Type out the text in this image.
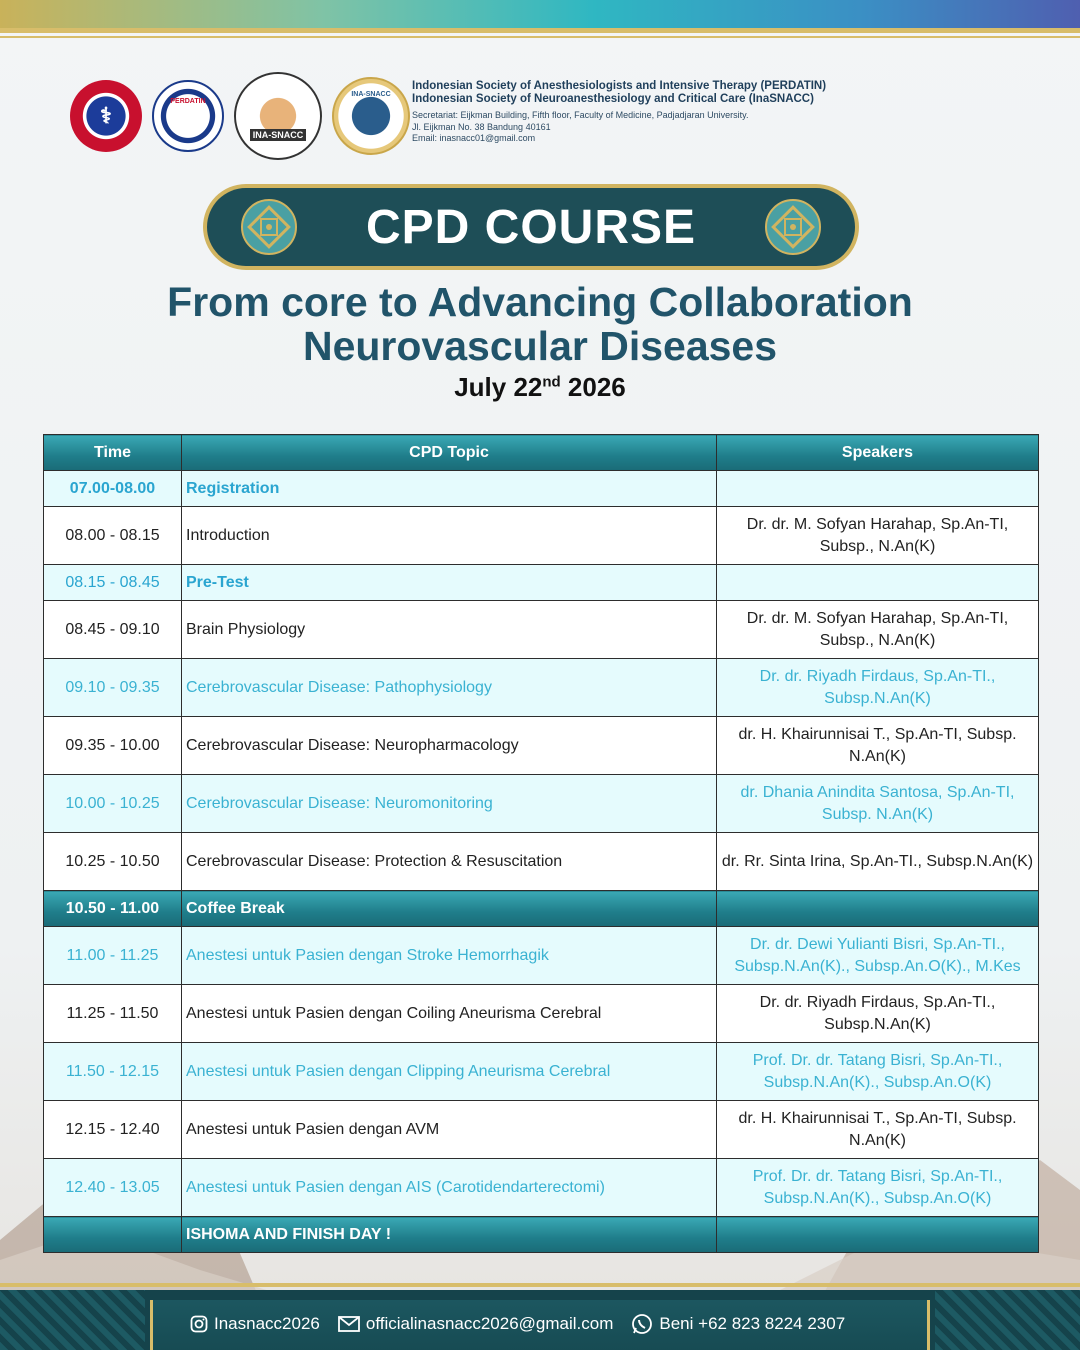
⚕
PERDATIN
INA-SNACC
INA-SNACC
Indonesian Society of Anesthesiologists and Intensive Therapy (PERDATIN)
Indonesian Society of Neuroanesthesiology and Critical Care (InaSNACC)
Secretariat: Eijkman Building, Fifth floor, Faculty of Medicine, Padjadjaran University.
Jl. Eijkman No. 38 Bandung 40161
Email: inasnacc01@gmail.com
CPD COURSE
From core to Advancing Collaboration
Neurovascular Diseases
July 22nd 2026
Time	CPD Topic	Speakers
07.00-08.00	Registration	
08.00 - 08.15	Introduction	Dr. dr. M. Sofyan Harahap, Sp.An-TI, Subsp., N.An(K)
08.15 - 08.45	Pre-Test	
08.45 - 09.10	Brain Physiology	Dr. dr. M. Sofyan Harahap, Sp.An-TI, Subsp., N.An(K)
09.10 - 09.35	Cerebrovascular Disease: Pathophysiology	Dr. dr. Riyadh Firdaus, Sp.An-TI., Subsp.N.An(K)
09.35 - 10.00	Cerebrovascular Disease: Neuropharmacology	dr. H. Khairunnisai T., Sp.An-TI, Subsp. N.An(K)
10.00 - 10.25	Cerebrovascular Disease: Neuromonitoring	dr. Dhania Anindita Santosa, Sp.An-TI, Subsp. N.An(K)
10.25 - 10.50	Cerebrovascular Disease: Protection & Resuscitation	dr. Rr. Sinta Irina, Sp.An-TI., Subsp.N.An(K)
10.50 - 11.00	Coffee Break	
11.00 - 11.25	Anestesi untuk Pasien dengan Stroke Hemorrhagik	Dr. dr. Dewi Yulianti Bisri, Sp.An-TI., Subsp.N.An(K)., Subsp.An.O(K)., M.Kes
11.25 - 11.50	Anestesi untuk Pasien dengan Coiling Aneurisma Cerebral	Dr. dr. Riyadh Firdaus, Sp.An-TI., Subsp.N.An(K)
11.50 - 12.15	Anestesi untuk Pasien dengan Clipping Aneurisma Cerebral	Prof. Dr. dr. Tatang Bisri, Sp.An-TI., Subsp.N.An(K)., Subsp.An.O(K)
12.15 - 12.40	Anestesi untuk Pasien dengan AVM	dr. H. Khairunnisai T., Sp.An-TI, Subsp. N.An(K)
12.40 - 13.05	Anestesi untuk Pasien dengan AIS (Carotidendarterectomi)	Prof. Dr. dr. Tatang Bisri, Sp.An-TI., Subsp.N.An(K)., Subsp.An.O(K)
	ISHOMA AND FINISH DAY !	
Inasnacc2026	officialinasnacc2026@gmail.com	Beni +62 823 8224 2307
